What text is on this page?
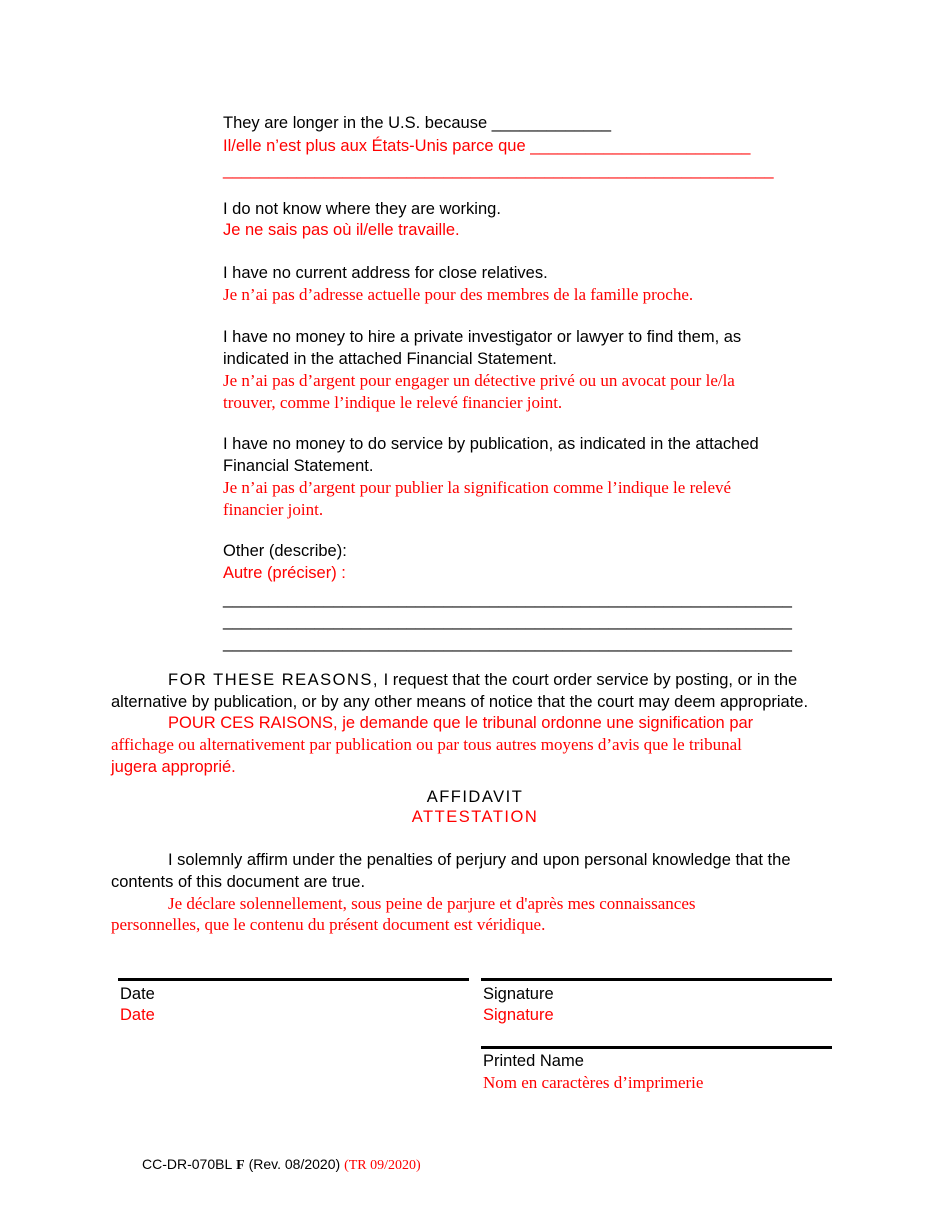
They are longer in the U.S. because _____________
Il/elle n’est plus aux États-Unis parce que ________________________
____________________________________________________________
I do not know where they are working.
Je ne sais pas où il/elle travaille.
I have no current address for close relatives.
Je n’ai pas d’adresse actuelle pour des membres de la famille proche.
I have no money to hire a private investigator or lawyer to find them, as
indicated in the attached Financial Statement.
Je n’ai pas d’argent pour engager un détective privé ou un avocat pour le/la
trouver, comme l’indique le relevé financier joint.
I have no money to do service by publication, as indicated in the attached
Financial Statement.
Je n’ai pas d’argent pour publier la signification comme l’indique le relevé
financier joint.
Other (describe):
Autre (préciser) :
______________________________________________________________
______________________________________________________________
______________________________________________________________
FOR THESE REASONS, I request that the court order service by posting, or in the
alternative by publication, or by any other means of notice that the court may deem appropriate.
POUR CES RAISONS, je demande que le tribunal ordonne une signification par
affichage ou alternativement par publication ou par tous autres moyens d’avis que le tribunal
jugera approprié.
AFFIDAVIT
ATTESTATION
I solemnly affirm under the penalties of perjury and upon personal knowledge that the
contents of this document are true.
Je déclare solennellement, sous peine de parjure et d'après mes connaissances
personnelles, que le contenu du présent document est véridique.
Date
Date
Signature
Signature
Printed Name
Nom en caractères d’imprimerie
CC-DR-070BL F (Rev. 08/2020) (TR 09/2020)
